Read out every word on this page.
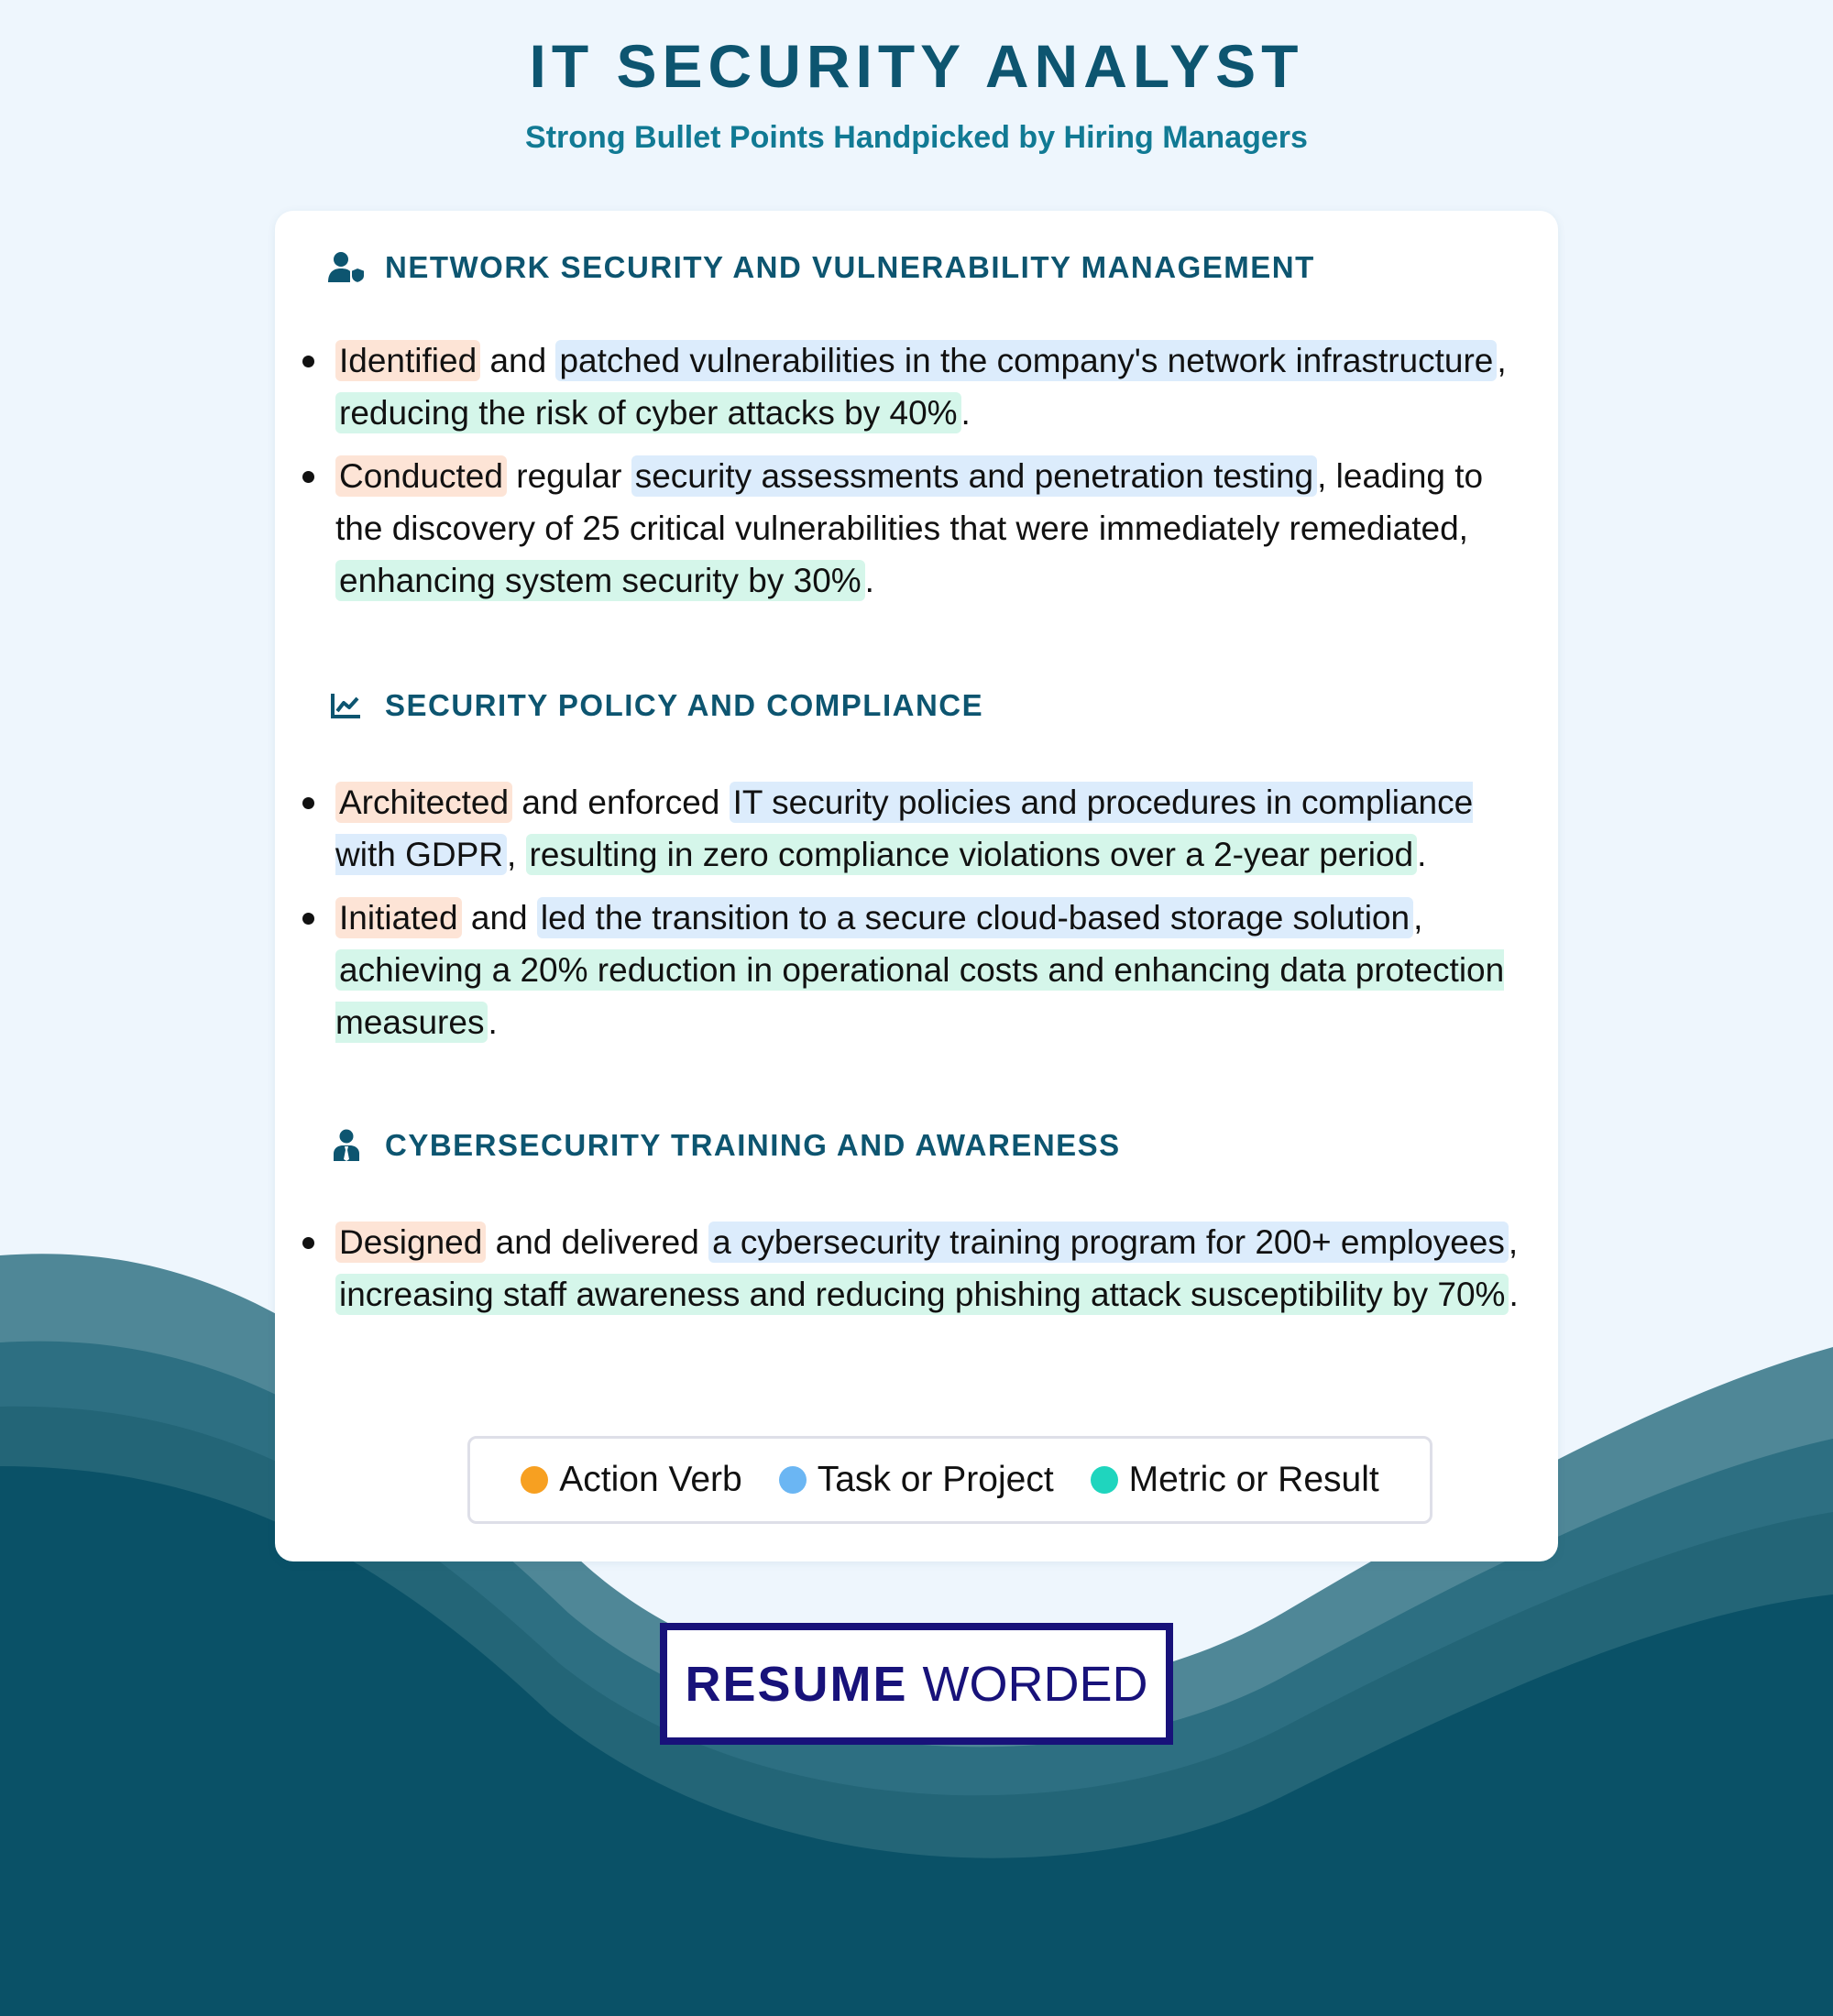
IT SECURITY ANALYST
Strong Bullet Points Handpicked by Hiring Managers
NETWORK SECURITY AND VULNERABILITY MANAGEMENT
Identified and patched vulnerabilities in the company's network infrastructure , reducing the risk of cyber attacks by 40% .
Conducted regular security assessments and penetration testing , leading to the discovery of 25 critical vulnerabilities that were immediately remediated, enhancing system security by 30% .
SECURITY POLICY AND COMPLIANCE
Architected and enforced IT security policies and procedures in compliance with GDPR , resulting in zero compliance violations over a 2-year period .
Initiated and led the transition to a secure cloud-based storage solution , achieving a 20% reduction in operational costs and enhancing data protection measures .
CYBERSECURITY TRAINING AND AWARENESS
Designed and delivered a cybersecurity training program for 200+ employees , increasing staff awareness and reducing phishing attack susceptibility by 70% .
Action Verb Task or Project Metric or Result
RESUME WORDED
